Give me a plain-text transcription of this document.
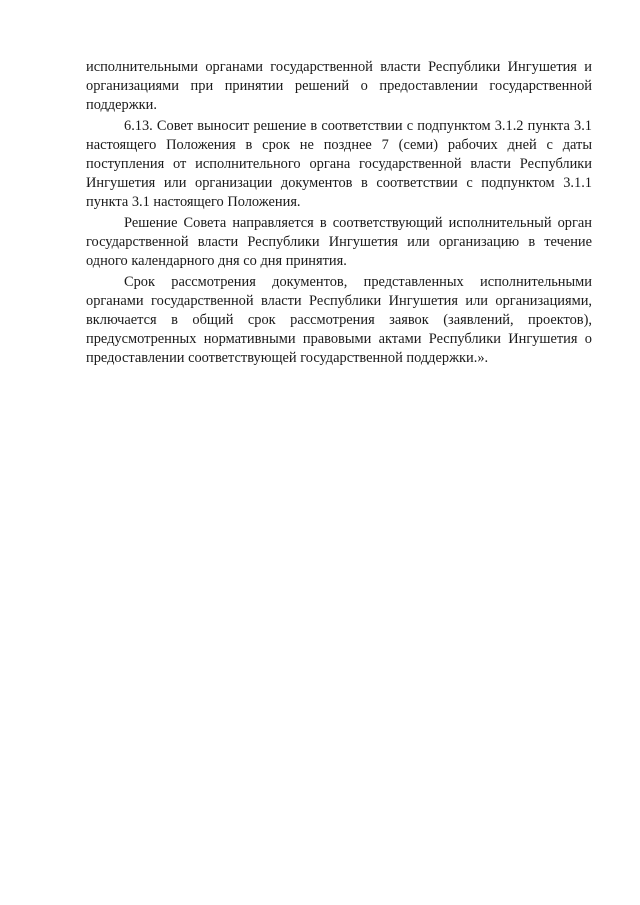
исполнительными органами государственной власти Республики Ингушетия и организациями при принятии решений о предоставлении государственной поддержки.

6.13. Совет выносит решение в соответствии с подпунктом 3.1.2 пункта 3.1 настоящего Положения в срок не позднее 7 (семи) рабочих дней с даты поступления от исполнительного органа государственной власти Республики Ингушетия или организации документов в соответствии с подпунктом 3.1.1 пункта 3.1 настоящего Положения.

Решение Совета направляется в соответствующий исполнительный орган государственной власти Республики Ингушетия или организацию в течение одного календарного дня со дня принятия.

Срок рассмотрения документов, представленных исполнительными органами государственной власти Республики Ингушетия или организациями, включается в общий срок рассмотрения заявок (заявлений, проектов), предусмотренных нормативными правовыми актами Республики Ингушетия о предоставлении соответствующей государственной поддержки.».
